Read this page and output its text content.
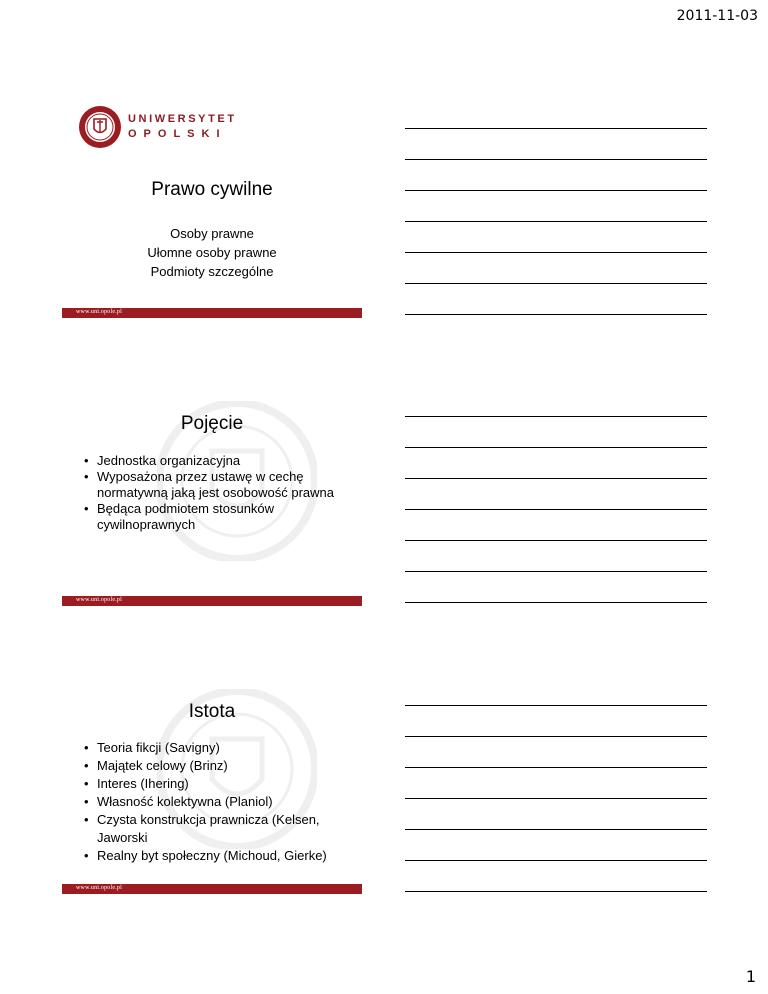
2011-11-03
UNIWERSYTET
OPOLSKI
Prawo cywilne
Osoby prawne
Ułomne osoby prawne
Podmioty szczególne
www.uni.opole.pl
Pojęcie
• Jednostka organizacyjna
• Wyposażona przez ustawę w cechę normatywną jaką jest osobowość prawna
• Będąca podmiotem stosunków cywilnoprawnych
www.uni.opole.pl
Istota
• Teoria fikcji (Savigny)
• Majątek celowy (Brinz)
• Interes (Ihering)
• Własność kolektywna (Planiol)
• Czysta konstrukcja prawnicza (Kelsen, Jaworski
• Realny byt społeczny (Michoud, Gierke)
www.uni.opole.pl
1
